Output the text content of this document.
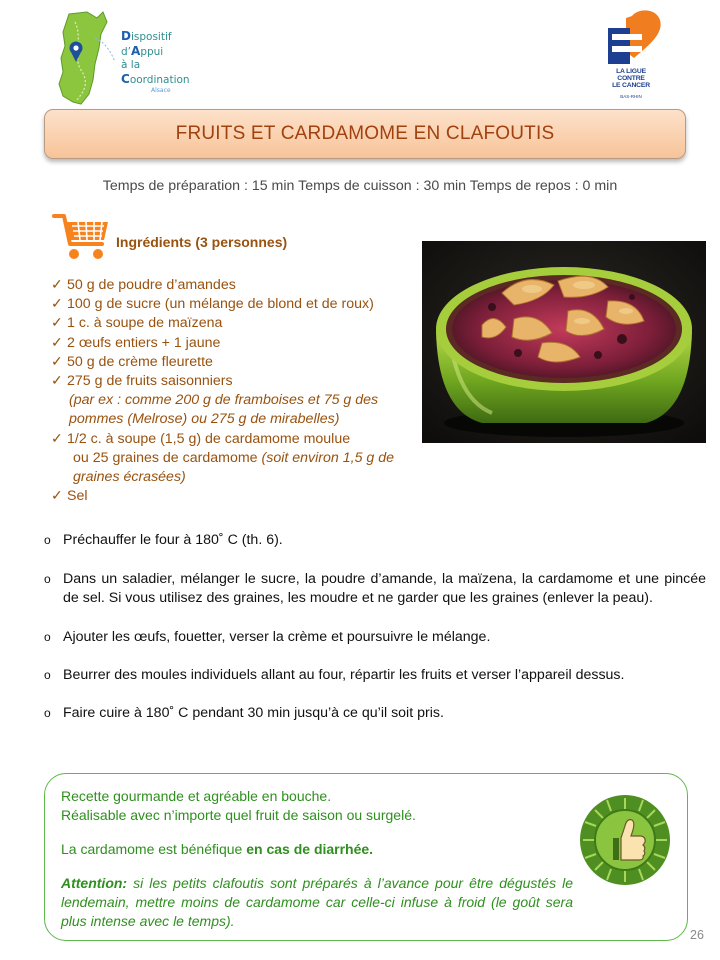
Dispositif
d’Appui
à la Coordination
Alsace
LA LIGUE
CONTRE
LE CANCER
BAS-RHIN
FRUITS ET CARDAMOME EN CLAFOUTIS
Temps de préparation : 15 min Temps de cuisson : 30 min Temps de repos : 0 min
Ingrédients (3 personnes)
✓ 50 g de poudre d’amandes
✓ 100 g de sucre (un mélange de blond et de roux)
✓ 1 c. à soupe de maïzena
✓ 2 œufs entiers + 1 jaune
✓ 50 g de crème fleurette
✓ 275 g de fruits saisonniers
(par ex : comme 200 g de framboises et 75 g des pommes (Melrose) ou 275 g de mirabelles)
✓ 1/2 c. à soupe (1,5 g) de cardamome moulue
ou 25 graines de cardamome (soit environ 1,5 g de graines écrasées)
✓ Sel
o Préchauffer le four à 180˚ C (th. 6).
o Dans un saladier, mélanger le sucre, la poudre d’amande, la maïzena, la cardamome et une pincée de sel. Si vous utilisez des graines, les moudre et ne garder que les graines (enlever la peau).
o Ajouter les œufs, fouetter, verser la crème et poursuivre le mélange.
o Beurrer des moules individuels allant au four, répartir les fruits et verser l’appareil dessus.
o Faire cuire à 180˚ C pendant 30 min jusqu’à ce qu’il soit pris.

Recette gourmande et agréable en bouche.

Réalisable avec n’importe quel fruit de saison ou surgelé.

La cardamome est bénéfique en cas de diarrhée.

Attention: si les petits clafoutis sont préparés à l’avance pour être dégustés le lendemain, mettre moins de cardamome car celle-ci infuse à froid (le goût sera plus intense avec le temps).

26
